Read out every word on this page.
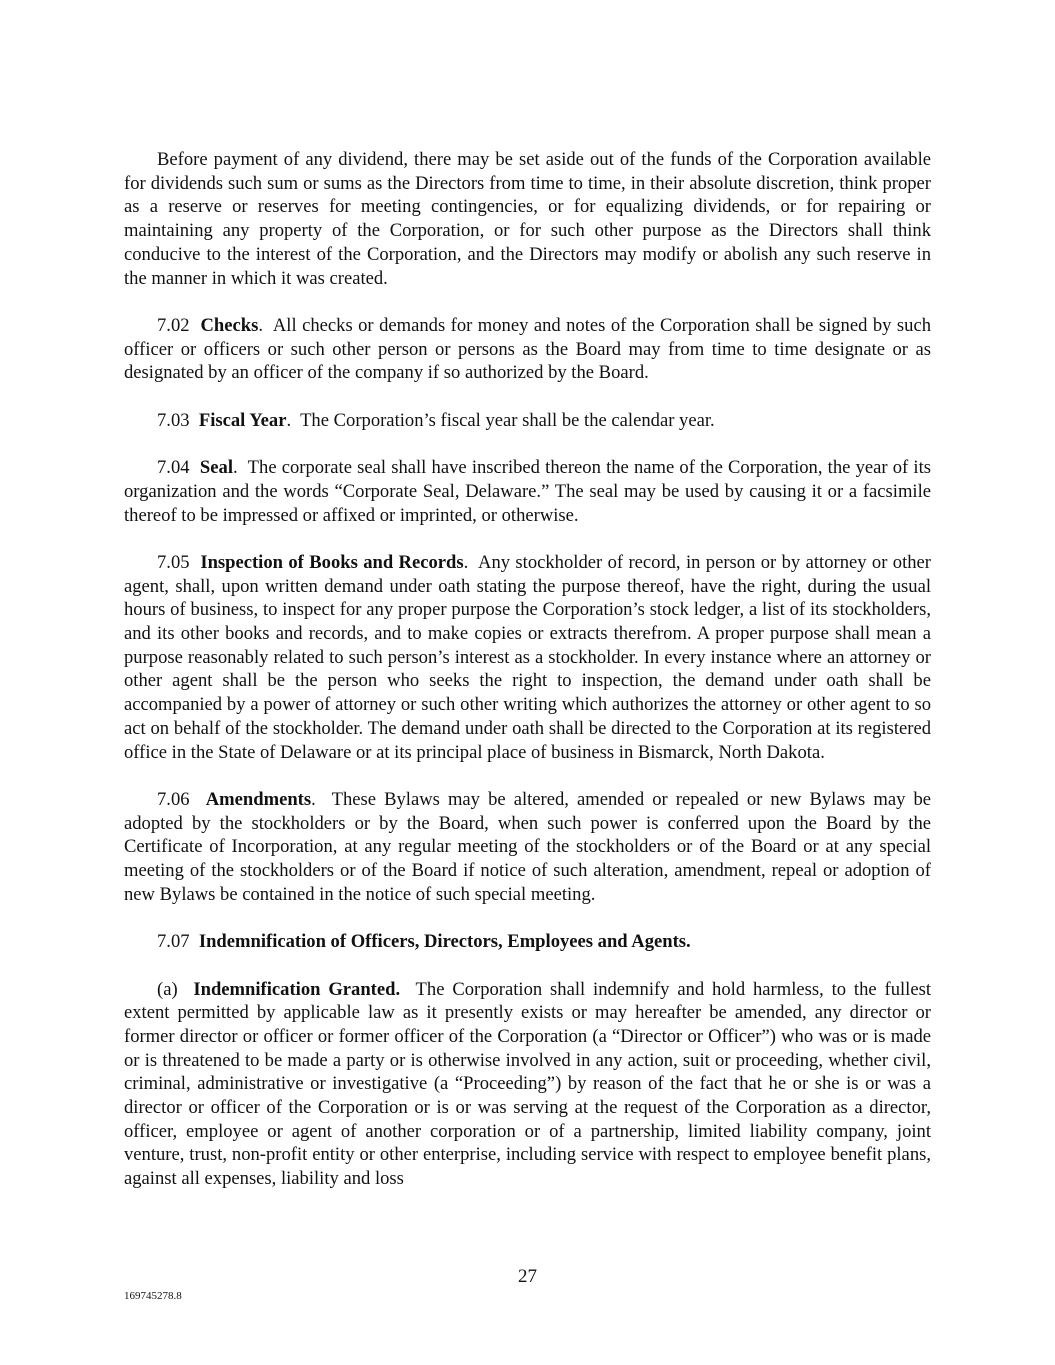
Before payment of any dividend, there may be set aside out of the funds of the Corporation available for dividends such sum or sums as the Directors from time to time, in their absolute discretion, think proper as a reserve or reserves for meeting contingencies, or for equalizing dividends, or for repairing or maintaining any property of the Corporation, or for such other purpose as the Directors shall think conducive to the interest of the Corporation, and the Directors may modify or abolish any such reserve in the manner in which it was created.

7.02 Checks. All checks or demands for money and notes of the Corporation shall be signed by such officer or officers or such other person or persons as the Board may from time to time designate or as designated by an officer of the company if so authorized by the Board.

7.03 Fiscal Year. The Corporation’s fiscal year shall be the calendar year.

7.04 Seal. The corporate seal shall have inscribed thereon the name of the Corporation, the year of its organization and the words “Corporate Seal, Delaware.” The seal may be used by causing it or a facsimile thereof to be impressed or affixed or imprinted, or otherwise.

7.05 Inspection of Books and Records. Any stockholder of record, in person or by attorney or other agent, shall, upon written demand under oath stating the purpose thereof, have the right, during the usual hours of business, to inspect for any proper purpose the Corporation’s stock ledger, a list of its stockholders, and its other books and records, and to make copies or extracts therefrom. A proper purpose shall mean a purpose reasonably related to such person’s interest as a stockholder. In every instance where an attorney or other agent shall be the person who seeks the right to inspection, the demand under oath shall be accompanied by a power of attorney or such other writing which authorizes the attorney or other agent to so act on behalf of the stockholder. The demand under oath shall be directed to the Corporation at its registered office in the State of Delaware or at its principal place of business in Bismarck, North Dakota.

7.06 Amendments. These Bylaws may be altered, amended or repealed or new Bylaws may be adopted by the stockholders or by the Board, when such power is conferred upon the Board by the Certificate of Incorporation, at any regular meeting of the stockholders or of the Board or at any special meeting of the stockholders or of the Board if notice of such alteration, amendment, repeal or adoption of new Bylaws be contained in the notice of such special meeting.

7.07 Indemnification of Officers, Directors, Employees and Agents.

(a) Indemnification Granted. The Corporation shall indemnify and hold harmless, to the fullest extent permitted by applicable law as it presently exists or may hereafter be amended, any director or former director or officer or former officer of the Corporation (a “Director or Officer”) who was or is made or is threatened to be made a party or is otherwise involved in any action, suit or proceeding, whether civil, criminal, administrative or investigative (a “Proceeding”) by reason of the fact that he or she is or was a director or officer of the Corporation or is or was serving at the request of the Corporation as a director, officer, employee or agent of another corporation or of a partnership, limited liability company, joint venture, trust, non-profit entity or other enterprise, including service with respect to employee benefit plans, against all expenses, liability and loss

27
169745278.8
